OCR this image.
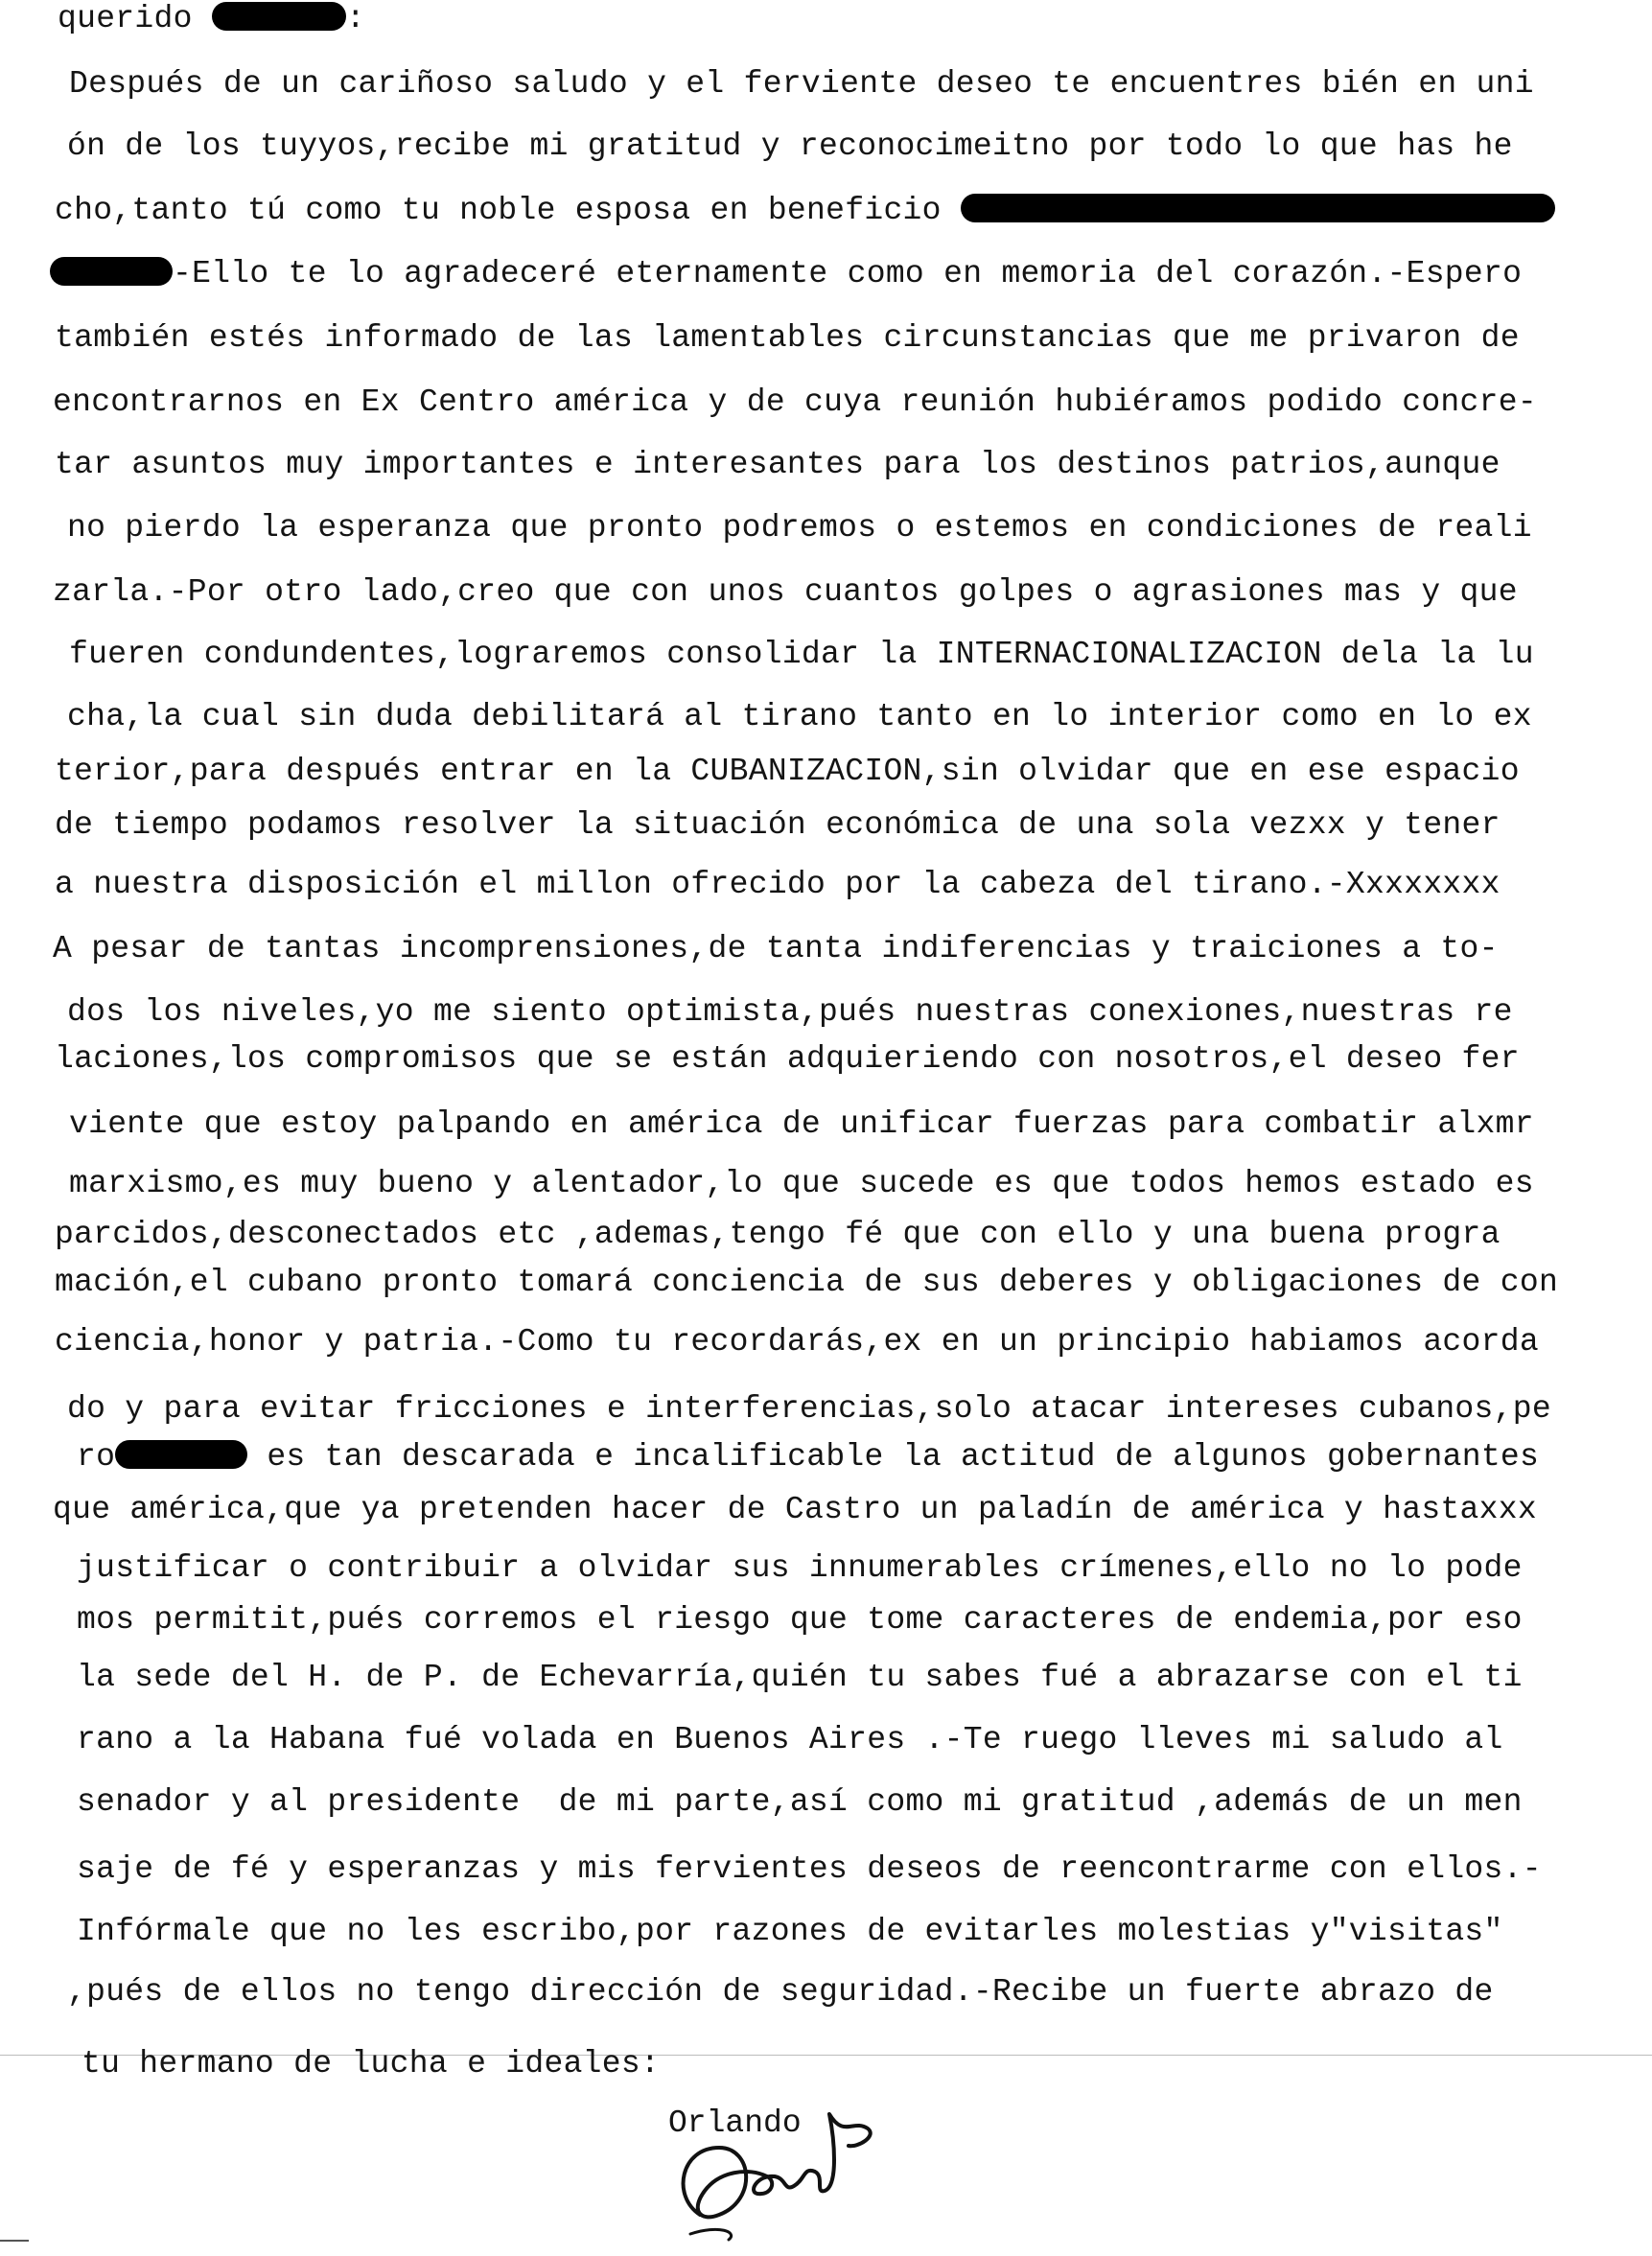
querido	:
Después de un cariñoso saludo y el ferviente deseo te encuentres bién en uni
ón de los tuyyos,recibe mi gratitud y reconocimeitno por todo lo que has he
cho,tanto tú como tu noble esposa en beneficio
-Ello te lo agradeceré eternamente como en memoria del corazón.-Espero
también estés informado de las lamentables circunstancias que me privaron de
encontrarnos en Ex Centro américa y de cuya reunión hubiéramos podido concre-
tar asuntos muy importantes e interesantes para los destinos patrios,aunque
no pierdo la esperanza que pronto podremos o estemos en condiciones de reali
zarla.-Por otro lado,creo que con unos cuantos golpes o agrasiones mas y que
fueren condundentes,lograremos consolidar la INTERNACIONALIZACION dela la lu
cha,la cual sin duda debilitará al tirano tanto en lo interior como en lo ex
terior,para después entrar en la CUBANIZACION,sin olvidar que en ese espacio
de tiempo podamos resolver la situación económica de una sola vezxx y tener
a nuestra disposición el millon ofrecido por la cabeza del tirano.-Xxxxxxxx
A pesar de tantas incomprensiones,de tanta indiferencias y traiciones a to-
dos los niveles,yo me siento optimista,pués nuestras conexiones,nuestras re
laciones,los compromisos que se están adquieriendo con nosotros,el deseo fer
viente que estoy palpando en américa de unificar fuerzas para combatir alxmr
marxismo,es muy bueno y alentador,lo que sucede es que todos hemos estado es
parcidos,desconectados etc ,ademas,tengo fé que con ello y una buena progra
mación,el cubano pronto tomará conciencia de sus deberes y obligaciones de con
ciencia,honor y patria.-Como tu recordarás,ex en un principio habiamos acorda
do y para evitar fricciones e interferencias,solo atacar intereses cubanos,pe
ro	es tan descarada e incalificable la actitud de algunos gobernantes
que américa,que ya pretenden hacer de Castro un paladín de américa y hastaxxx
justificar o contribuir a olvidar sus innumerables crímenes,ello no lo pode
mos permitit,pués corremos el riesgo que tome caracteres de endemia,por eso
la sede del H. de P. de Echevarría,quién tu sabes fué a abrazarse con el ti
rano a la Habana fué volada en Buenos Aires .-Te ruego lleves mi saludo al
senador y al presidente  de mi parte,así como mi gratitud ,además de un men
saje de fé y esperanzas y mis fervientes deseos de reencontrarme con ellos.-
Infórmale que no les escribo,por razones de evitarles molestias y"visitas"
,pués de ellos no tengo dirección de seguridad.-Recibe un fuerte abrazo de
tu hermano de lucha e ideales:
Orlando
